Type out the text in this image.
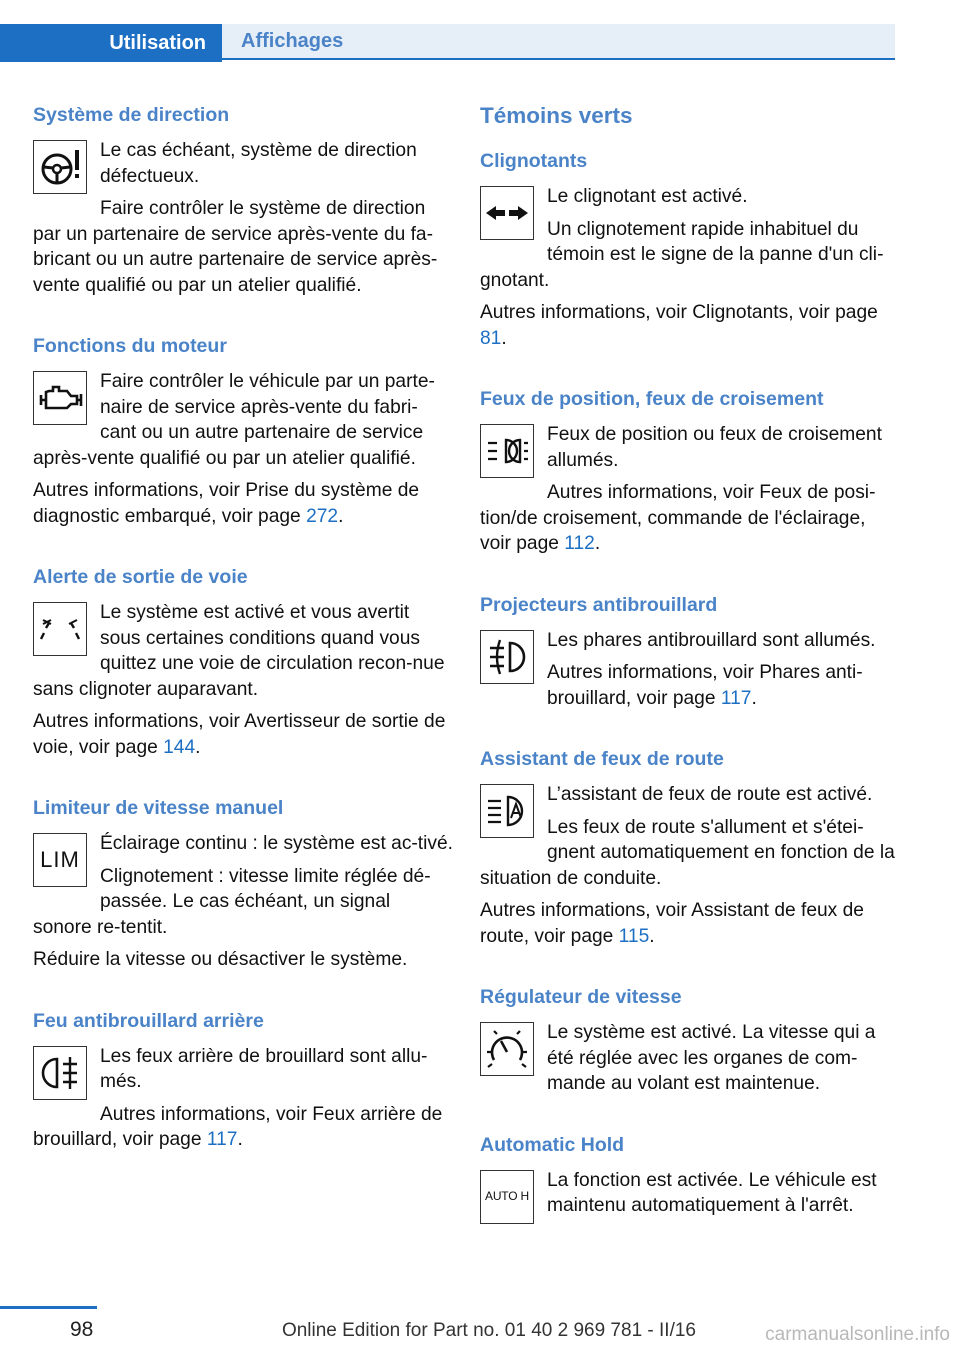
Utilisation	Affichages
Système de direction

Le cas échéant, système de direction défectueux.

Faire contrôler le système de direction par un partenaire de service après-vente du fa-bricant ou un autre partenaire de service après-vente qualifié ou par un atelier qualifié.

Fonctions du moteur

Faire contrôler le véhicule par un parte-naire de service après-vente du fabri-cant ou un autre partenaire de service après-vente qualifié ou par un atelier qualifié.

Autres informations, voir Prise du système de diagnostic embarqué, voir page 272.

Alerte de sortie de voie

Le système est activé et vous avertit sous certaines conditions quand vous quittez une voie de circulation recon-nue sans clignoter auparavant.

Autres informations, voir Avertisseur de sortie de voie, voir page 144.

Limiteur de vitesse manuel
LIM

Éclairage continu : le système est ac-tivé.

Clignotement : vitesse limite réglée dé-passée. Le cas échéant, un signal sonore re-tentit.

Réduire la vitesse ou désactiver le système.

Feu antibrouillard arrière

Les feux arrière de brouillard sont allu-més.

Autres informations, voir Feux arrière de brouillard, voir page 117.

Témoins verts
Clignotants

Le clignotant est activé.

Un clignotement rapide inhabituel du témoin est le signe de la panne d'un cli-gnotant.

Autres informations, voir Clignotants, voir page 81.

Feux de position, feux de croisement

Feux de position ou feux de croisement allumés.

Autres informations, voir Feux de posi-tion/de croisement, commande de l'éclairage, voir page 112.

Projecteurs antibrouillard

Les phares antibrouillard sont allumés.

Autres informations, voir Phares anti-brouillard, voir page 117.

Assistant de feux de route

L’assistant de feux de route est activé.

Les feux de route s'allument et s'étei-gnent automatiquement en fonction de la situation de conduite.

Autres informations, voir Assistant de feux de route, voir page 115.

Régulateur de vitesse

Le système est activé. La vitesse qui a été réglée avec les organes de com-mande au volant est maintenue.

Automatic Hold
AUTO H

La fonction est activée. Le véhicule est maintenu automatiquement à l'arrêt.

98	Online Edition for Part no. 01 40 2 969 781 - II/16	carmanualsonline.info
